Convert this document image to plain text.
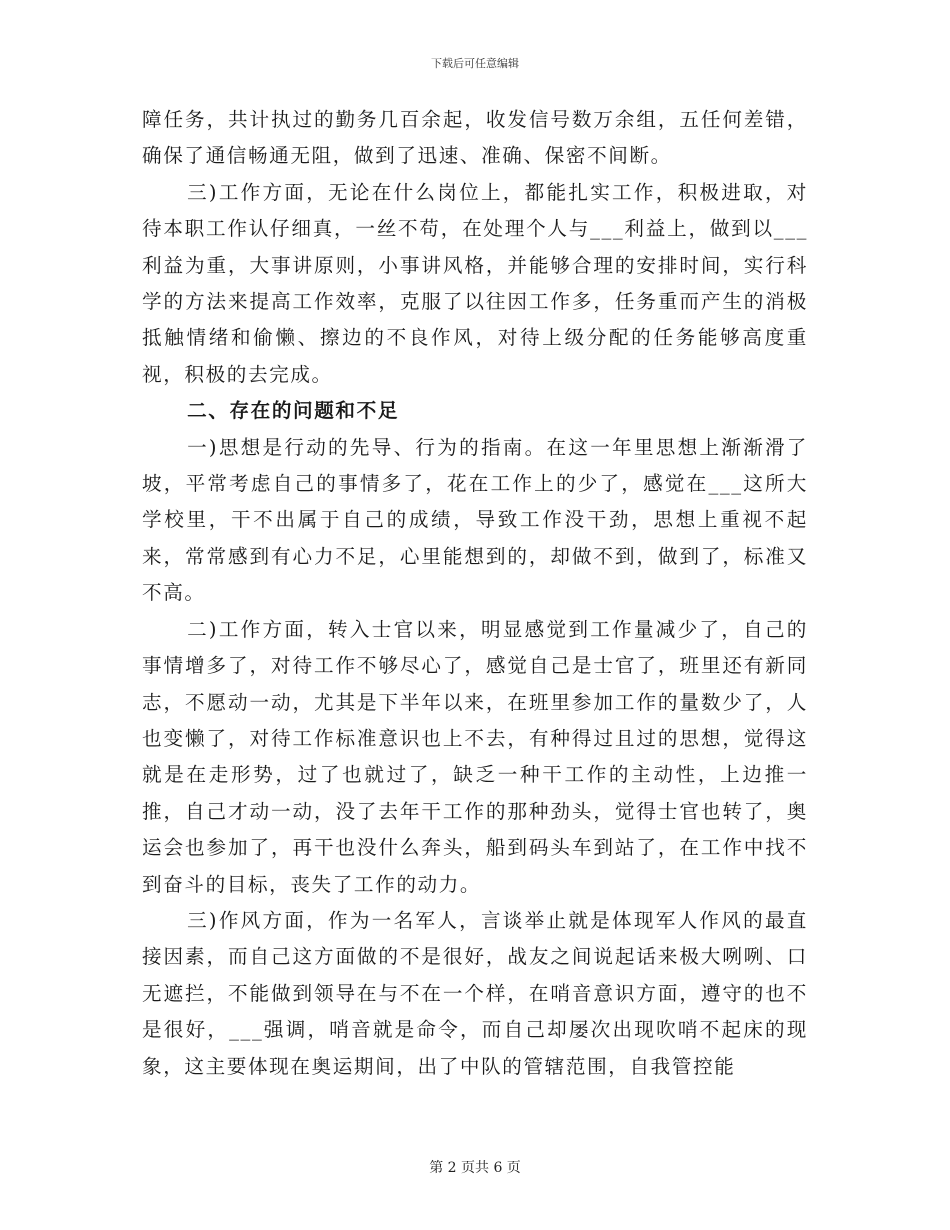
下载后可任意编辑

障任务，共计执过的勤务几百余起，收发信号数万余组，五任何差错，确保了通信畅通无阻，做到了迅速、准确、保密不间断。

三)工作方面，无论在什么岗位上，都能扎实工作，积极进取，对待本职工作认仔细真，一丝不苟，在处理个人与___利益上，做到以___利益为重，大事讲原则，小事讲风格，并能够合理的安排时间，实行科学的方法来提高工作效率，克服了以往因工作多，任务重而产生的消极抵触情绪和偷懒、擦边的不良作风，对待上级分配的任务能够高度重视，积极的去完成。

二、存在的问题和不足

一)思想是行动的先导、行为的指南。在这一年里思想上渐渐滑了坡，平常考虑自己的事情多了，花在工作上的少了，感觉在___这所大学校里，干不出属于自己的成绩，导致工作没干劲，思想上重视不起来，常常感到有心力不足，心里能想到的，却做不到，做到了，标准又不高。

二)工作方面，转入士官以来，明显感觉到工作量减少了，自己的事情增多了，对待工作不够尽心了，感觉自己是士官了，班里还有新同志，不愿动一动，尤其是下半年以来，在班里参加工作的量数少了，人也变懒了，对待工作标准意识也上不去，有种得过且过的思想，觉得这就是在走形势，过了也就过了，缺乏一种干工作的主动性，上边推一推，自己才动一动，没了去年干工作的那种劲头，觉得士官也转了，奥运会也参加了，再干也没什么奔头，船到码头车到站了，在工作中找不到奋斗的目标，丧失了工作的动力。

三)作风方面，作为一名军人，言谈举止就是体现军人作风的最直接因素，而自己这方面做的不是很好，战友之间说起话来极大咧咧、口无遮拦，不能做到领导在与不在一个样，在哨音意识方面，遵守的也不是很好，___强调，哨音就是命令，而自己却屡次出现吹哨不起床的现象，这主要体现在奥运期间，出了中队的管辖范围，自我管控能

第 2 页共 6 页
